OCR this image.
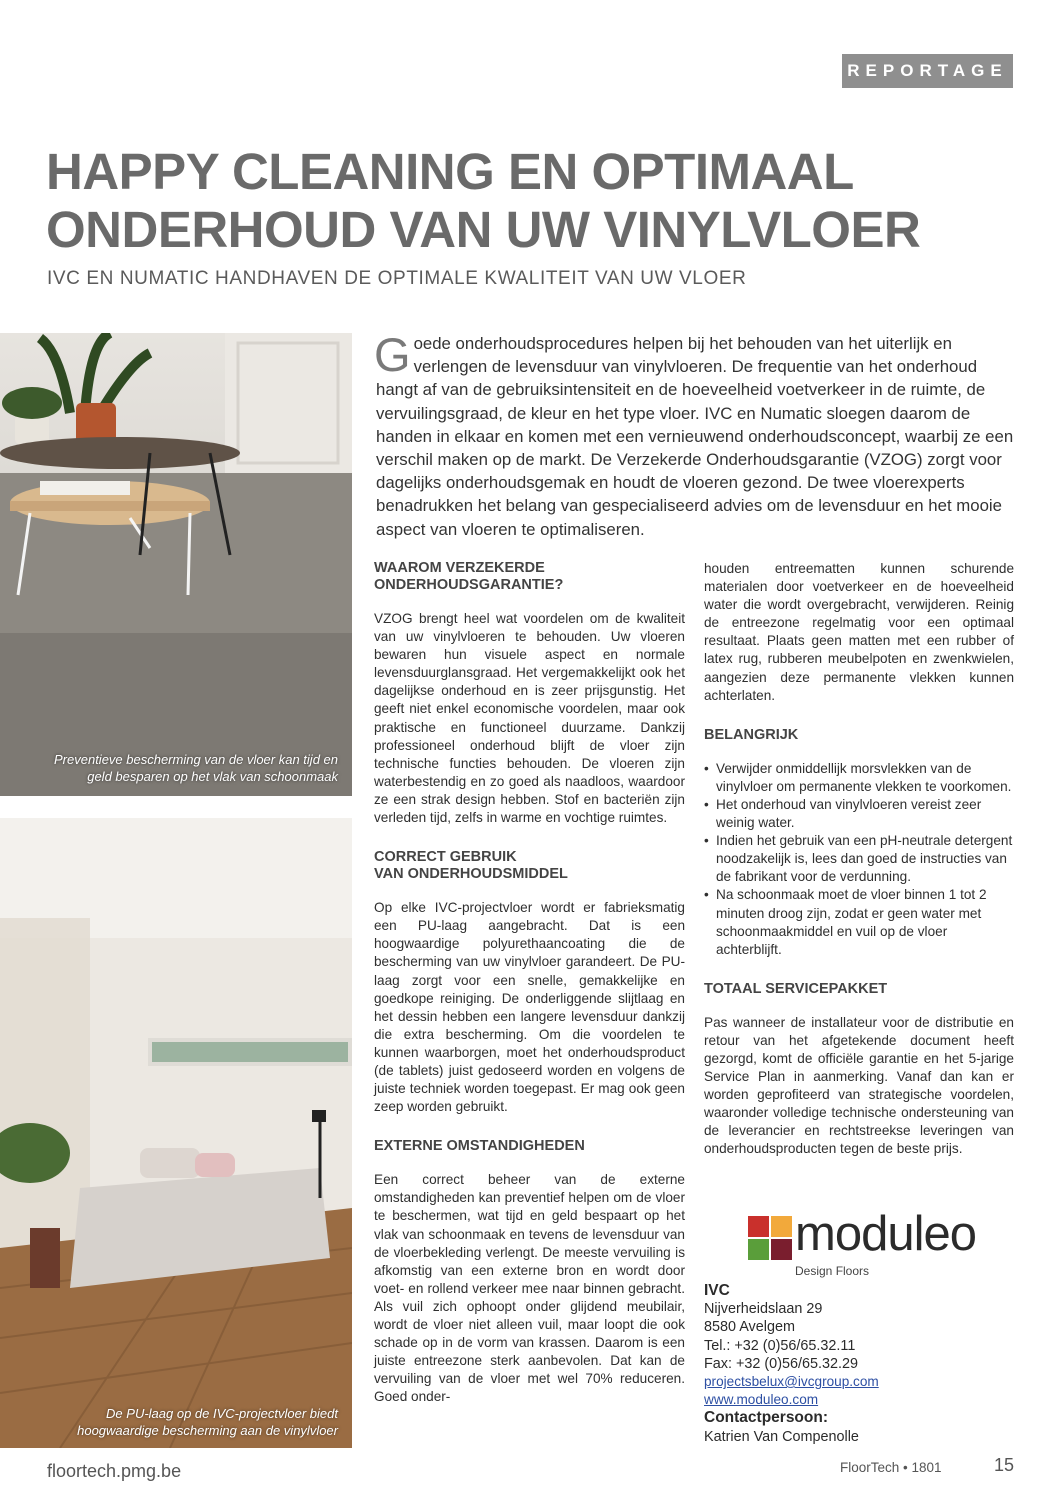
REPORTAGE
HAPPY CLEANING EN OPTIMAAL
ONDERHOUD VAN UW VINYLVLOER

IVC EN NUMATIC HANDHAVEN DE OPTIMALE KWALITEIT VAN UW VLOER

Preventieve bescherming van de vloer kan tijd en
geld besparen op het vlak van schoonmaak
De PU-laag op de IVC-projectvloer biedt
hoogwaardige bescherming aan de vinylvloer

Goede onderhoudsprocedures helpen bij het behouden van het uiterlijk en verlengen de levensduur van vinylvloeren. De frequentie van het onderhoud hangt af van de gebruiksintensiteit en de hoeveelheid voetverkeer in de ruimte, de vervuilingsgraad, de kleur en het type vloer. IVC en Numatic sloegen daarom de handen in elkaar en komen met een vernieuwend onderhoudsconcept, waarbij ze een verschil maken op de markt. De Verzekerde Onderhoudsgarantie (VZOG) zorgt voor dagelijks onderhoudsgemak en houdt de vloeren gezond. De twee vloerexperts benadrukken het belang van gespecialiseerd advies om de levensduur en het mooie aspect van vloeren te optimaliseren.

WAAROM VERZEKERDE
ONDERHOUDSGARANTIE?

VZOG brengt heel wat voordelen om de kwaliteit van uw vinylvloeren te behouden. Uw vloeren bewaren hun visuele aspect en normale levensduurglansgraad. Het vergemakkelijkt ook het dagelijkse onderhoud en is zeer prijsgunstig. Het geeft niet enkel economische voordelen, maar ook praktische en functioneel duurzame. Dankzij professioneel onderhoud blijft de vloer zijn technische functies behouden. De vloeren zijn waterbestendig en zo goed als naadloos, waardoor ze een strak design hebben. Stof en bacteriën zijn verleden tijd, zelfs in warme en vochtige ruimtes.

CORRECT GEBRUIK
VAN ONDERHOUDSMIDDEL

Op elke IVC-projectvloer wordt er fabrieksmatig een PU-laag aangebracht. Dat is een hoogwaardige polyurethaancoating die de bescherming van uw vinylvloer garandeert. De PU-laag zorgt voor een snelle, gemakkelijke en goedkope reiniging. De onderliggende slijtlaag en het dessin hebben een langere levensduur dankzij die extra bescherming. Om die voordelen te kunnen waarborgen, moet het onderhoudsproduct (de tablets) juist gedoseerd worden en volgens de juiste techniek worden toegepast. Er mag ook geen zeep worden gebruikt.

EXTERNE OMSTANDIGHEDEN

Een correct beheer van de externe omstandigheden kan preventief helpen om de vloer te beschermen, wat tijd en geld bespaart op het vlak van schoonmaak en tevens de levensduur van de vloerbekleding verlengt. De meeste vervuiling is afkomstig van een externe bron en wordt door voet- en rollend verkeer mee naar binnen gebracht. Als vuil zich ophoopt onder glijdend meubilair, wordt de vloer niet alleen vuil, maar loopt die ook schade op in de vorm van krassen. Daarom is een juiste entreezone sterk aanbevolen. Dat kan de vervuiling van de vloer met wel 70% reduceren. Goed onder-

houden entreematten kunnen schurende materialen door voetverkeer en de hoeveelheid water die wordt overgebracht, verwijderen. Reinig de entreezone regelmatig voor een optimaal resultaat. Plaats geen matten met een rubber of latex rug, rubberen meubelpoten en zwenkwielen, aangezien deze permanente vlekken kunnen achterlaten.

BELANGRIJK
• Verwijder onmiddellijk morsvlekken van de vinylvloer om permanente vlekken te voorkomen.
• Het onderhoud van vinylvloeren vereist zeer weinig water.
• Indien het gebruik van een pH-neutrale detergent noodzakelijk is, lees dan goed de instructies van de fabrikant voor de verdunning.
• Na schoonmaak moet de vloer binnen 1 tot 2 minuten droog zijn, zodat er geen water met schoonmaakmiddel en vuil op de vloer achterblijft.
TOTAAL SERVICEPAKKET

Pas wanneer de installateur voor de distributie en retour van het afgetekende document heeft gezorgd, komt de officiële garantie en het 5-jarige Service Plan in aanmerking. Vanaf dan kan er worden geprofiteerd van strategische voordelen, waaronder volledige technische ondersteuning van de leverancier en rechtstreekse leveringen van onderhoudsproducten tegen de beste prijs.

moduleo
Design Floors
IVC
Nijverheidslaan 29
8580 Avelgem
Tel.: +32 (0)56/65.32.11
Fax: +32 (0)56/65.32.29
projectsbelux@ivcgroup.com
www.moduleo.com
Contactpersoon:
Katrien Van Compenolle
floortech.pmg.be	FloorTech • 1801	15
